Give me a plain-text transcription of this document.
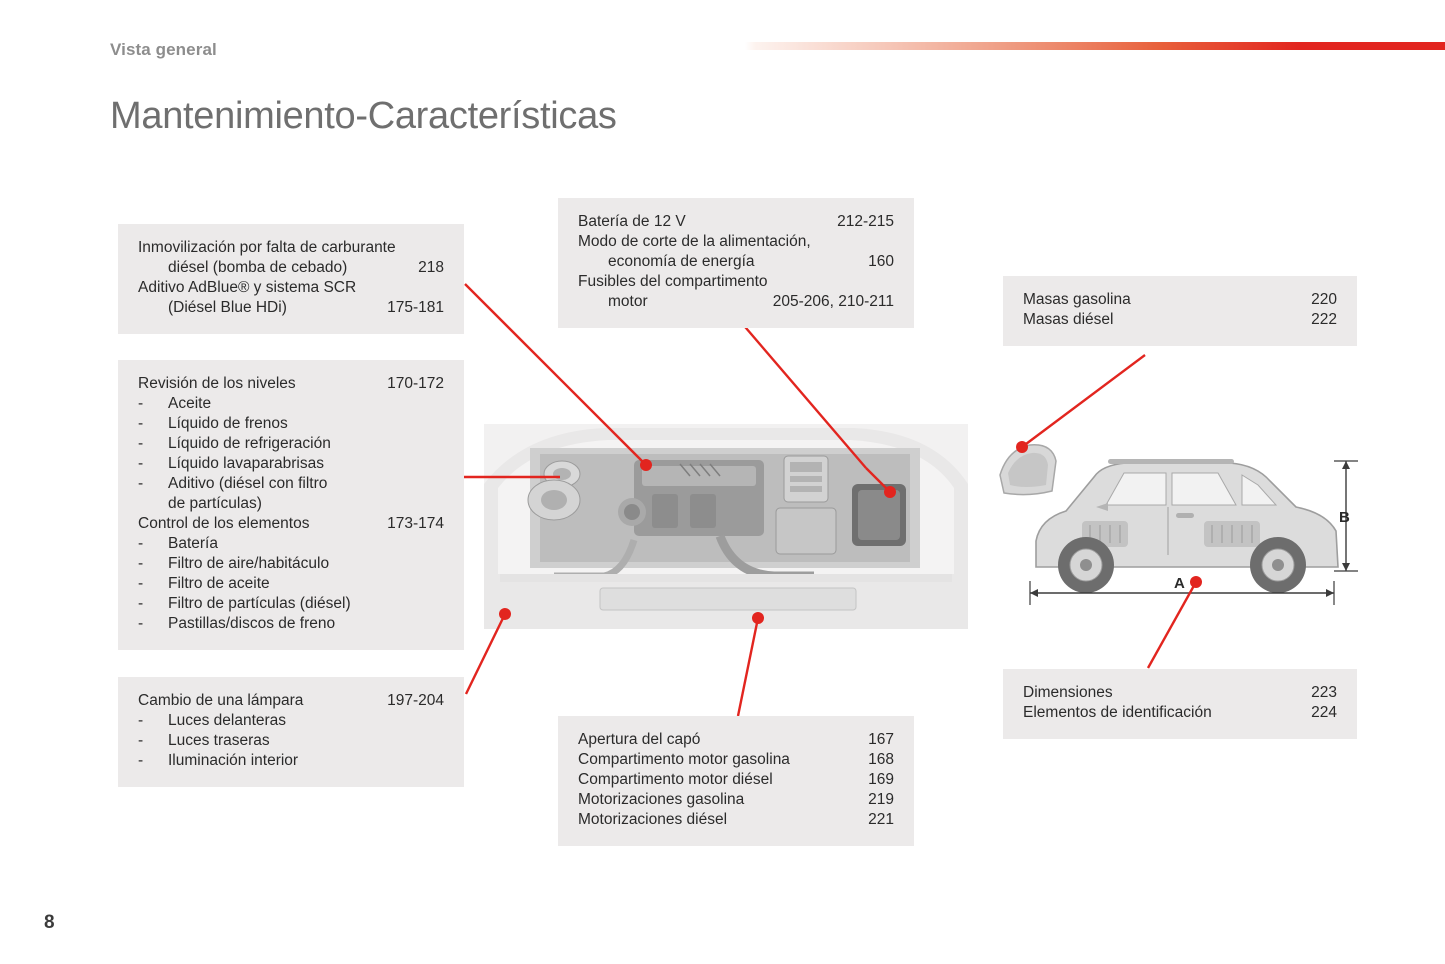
Vista general
Mantenimiento-Características
8
B
A
Inmovilización por falta de carburante
diésel (bomba de cebado)	218
Aditivo AdBlue® y sistema SCR
(Diésel Blue HDi)	175-181
Revisión de los niveles	170-172
-	Aceite
-	Líquido de frenos
-	Líquido de refrigeración
-	Líquido lavaparabrisas
-	Aditivo (diésel con filtro
de partículas)
Control de los elementos	173-174
-	Batería
-	Filtro de aire/habitáculo
-	Filtro de aceite
-	Filtro de partículas (diésel)
-	Pastillas/discos de freno
Cambio de una lámpara	197-204
-	Luces delanteras
-	Luces traseras
-	Iluminación interior
Batería de 12 V	212-215
Modo de corte de la alimentación,
economía de energía	160
Fusibles del compartimento
motor	205-206, 210-211
Apertura del capó	167
Compartimento motor gasolina	168
Compartimento motor diésel	169
Motorizaciones gasolina	219
Motorizaciones diésel	221
Masas gasolina	220
Masas diésel	222
Dimensiones	223
Elementos de identificación	224
